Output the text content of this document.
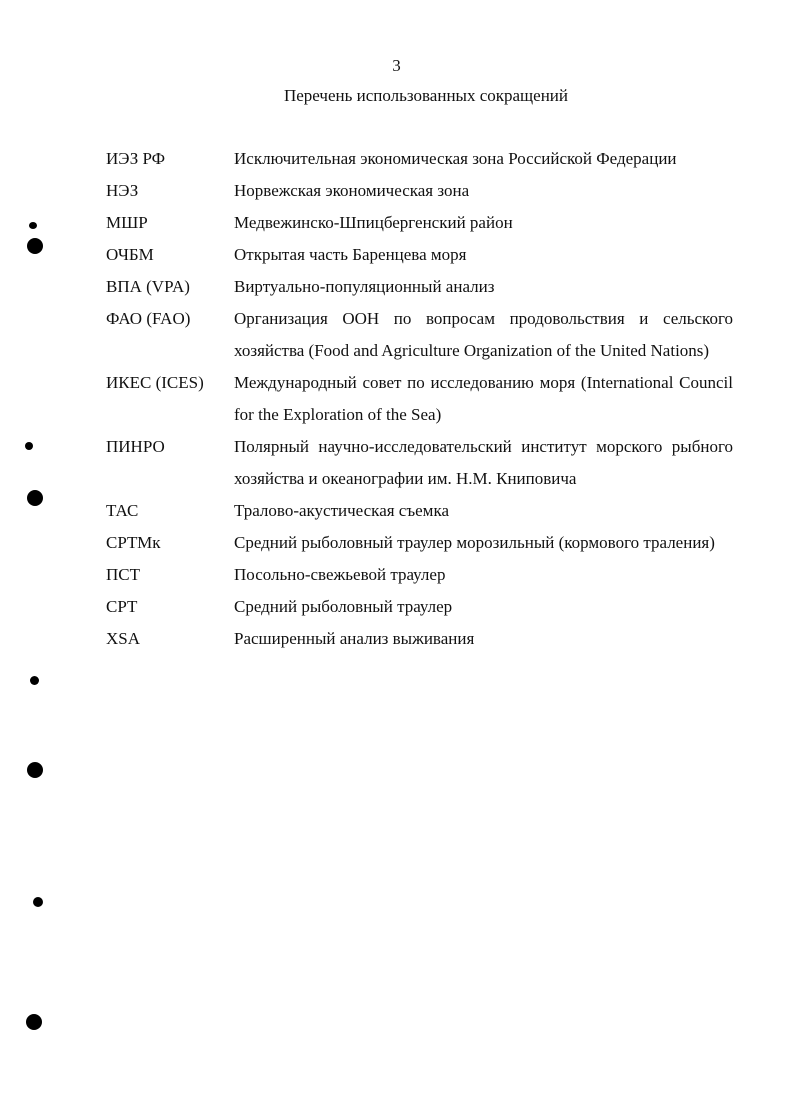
3
Перечень использованных сокращений
ИЭЗ РФ	Исключительная экономическая зона Российской Федерации
НЭЗ	Норвежская экономическая зона
МШР	Медвежинско-Шпицбергенский район
ОЧБМ	Открытая часть Баренцева моря
ВПА (VPA)	Виртуально-популяционный анализ
ФАО (FAO)	Организация ООН по вопросам продовольствия и сельского хозяйства (Food and Agriculture Organization of the United Nations)
ИКЕС (ICES)	Международный совет по исследованию моря (International Council for the Exploration of the Sea)
ПИНРО	Полярный научно-исследовательский институт морского рыбного хозяйства и океанографии им. Н.М. Книповича
ТАС	Тралово-акустическая съемка
СРТМк	Средний рыболовный траулер морозильный (кормового траления)
ПСТ	Посольно-свежьевой траулер
СРТ	Средний рыболовный траулер
XSA	Расширенный анализ выживания
